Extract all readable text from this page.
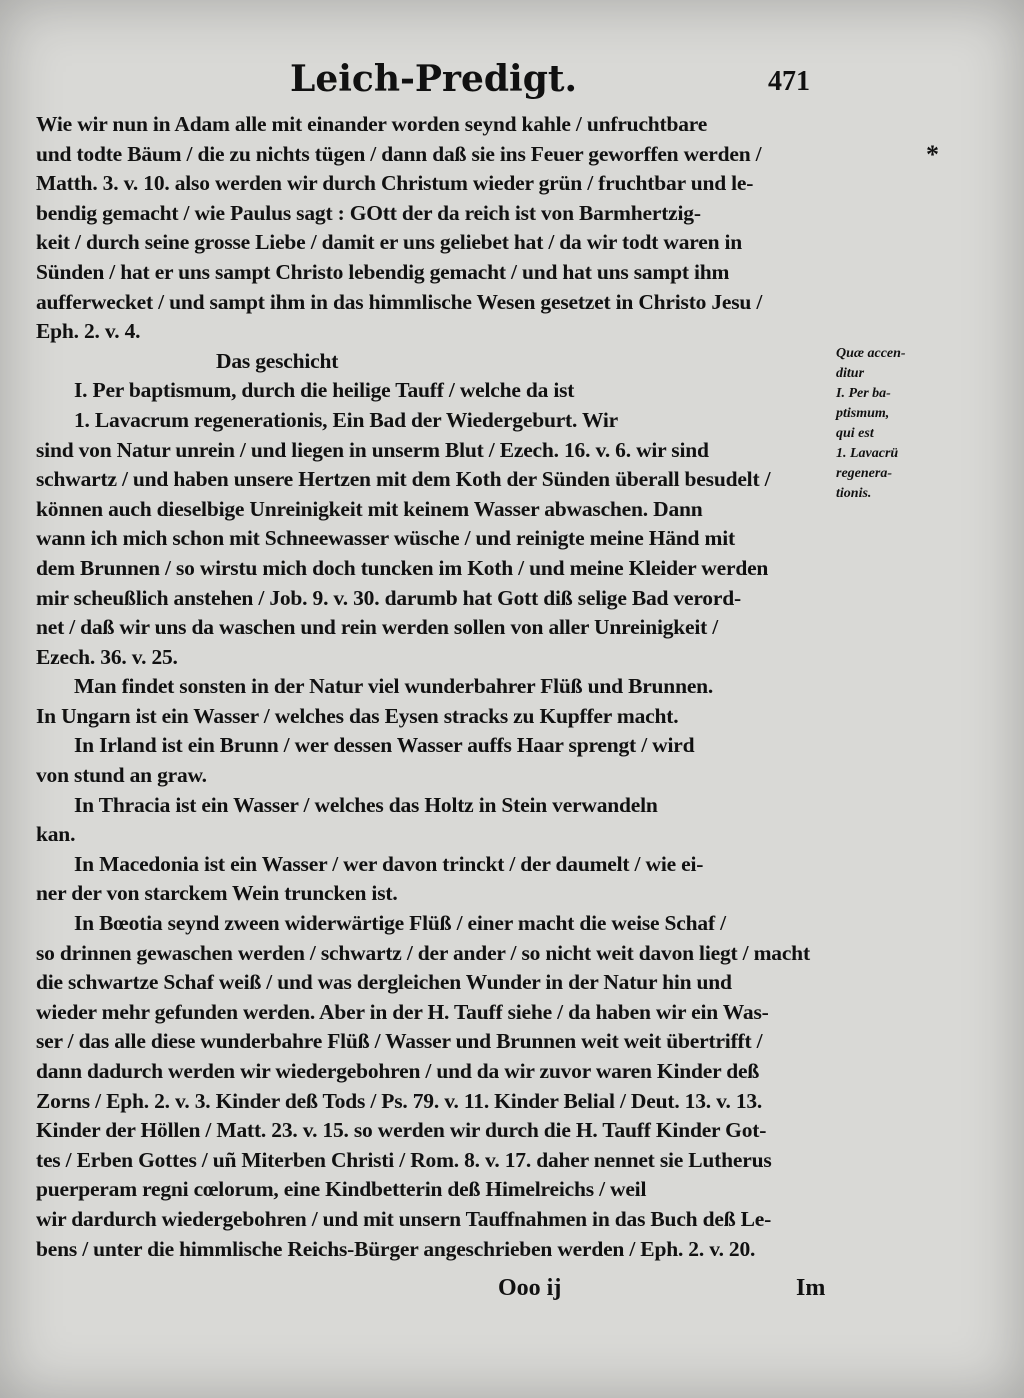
Leich-Predigt.	471
*
Wie wir nun in Adam alle mit einander worden seynd kahle / unfruchtbare
und todte Bäum / die zu nichts tügen / dann daß sie ins Feuer geworffen werden /
Matth. 3. v. 10. also werden wir durch Christum wieder grün / fruchtbar und le-
bendig gemacht / wie Paulus sagt : GOtt der da reich ist von Barmhertzig-
keit / durch seine grosse Liebe / damit er uns geliebet hat / da wir todt waren in
Sünden / hat er uns sampt Christo lebendig gemacht / und hat uns sampt ihm
aufferwecket / und sampt ihm in das himmlische Wesen gesetzet in Christo Jesu /
Eph. 2. v. 4.
Das geschicht
I. Per baptismum, durch die heilige Tauff / welche da ist
1. Lavacrum regenerationis, Ein Bad der Wiedergeburt. Wir
sind von Natur unrein / und liegen in unserm Blut / Ezech. 16. v. 6. wir sind
schwartz / und haben unsere Hertzen mit dem Koth der Sünden überall besudelt /
können auch dieselbige Unreinigkeit mit keinem Wasser abwaschen. Dann
wann ich mich schon mit Schneewasser wüsche / und reinigte meine Händ mit
dem Brunnen / so wirstu mich doch tuncken im Koth / und meine Kleider werden
mir scheußlich anstehen / Job. 9. v. 30. darumb hat Gott diß selige Bad verord-
net / daß wir uns da waschen und rein werden sollen von aller Unreinigkeit /
Ezech. 36. v. 25.
Man findet sonsten in der Natur viel wunderbahrer Flüß und Brunnen.
In Ungarn ist ein Wasser / welches das Eysen stracks zu Kupffer macht.
In Irland ist ein Brunn / wer dessen Wasser auffs Haar sprengt / wird
von stund an graw.
In Thracia ist ein Wasser / welches das Holtz in Stein verwandeln
kan.
In Macedonia ist ein Wasser / wer davon trinckt / der daumelt / wie ei-
ner der von starckem Wein truncken ist.
In Bœotia seynd zween widerwärtige Flüß / einer macht die weise Schaf /
so drinnen gewaschen werden / schwartz / der ander / so nicht weit davon liegt / macht
die schwartze Schaf weiß / und was dergleichen Wunder in der Natur hin und
wieder mehr gefunden werden. Aber in der H. Tauff siehe / da haben wir ein Was-
ser / das alle diese wunderbahre Flüß / Wasser und Brunnen weit weit übertrifft /
dann dadurch werden wir wiedergebohren / und da wir zuvor waren Kinder deß
Zorns / Eph. 2. v. 3. Kinder deß Tods / Ps. 79. v. 11. Kinder Belial / Deut. 13. v. 13.
Kinder der Höllen / Matt. 23. v. 15. so werden wir durch die H. Tauff Kinder Got-
tes / Erben Gottes / uñ Miterben Christi / Rom. 8. v. 17. daher nennet sie Lutherus
puerperam regni cœlorum, eine Kindbetterin deß Himelreichs / weil
wir dardurch wiedergebohren / und mit unsern Tauffnahmen in das Buch deß Le-
bens / unter die himmlische Reichs-Bürger angeschrieben werden / Eph. 2. v. 20.
Quæ accen-
ditur
I. Per ba-
ptismum,
qui est
1. Lavacrü
regenera-
tionis.
Ooo ij	Im
